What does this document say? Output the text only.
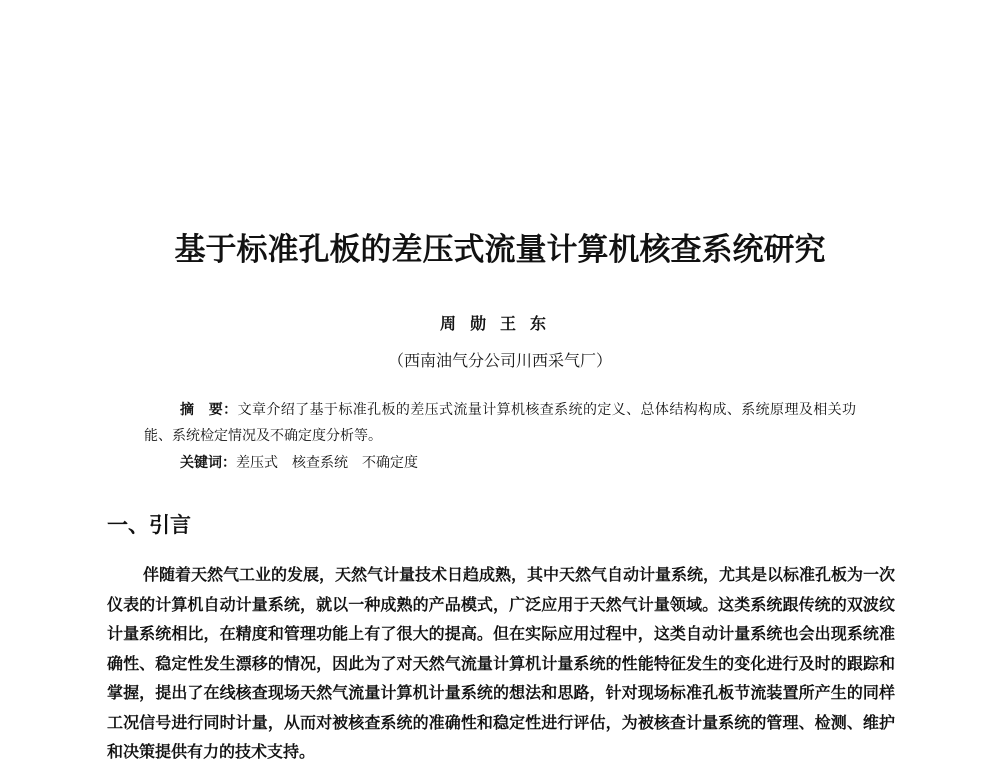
基于标准孔板的差压式流量计算机核查系统研究
周勋王东
（西南油气分公司川西采气厂）
摘　要：文章介绍了基于标准孔板的差压式流量计算机核查系统的定义、总体结构构成、系统原理及相关功能、系统检定情况及不确定度分析等。
关键词：差压式　核查系统　不确定度
一、引言
伴随着天然气工业的发展，天然气计量技术日趋成熟，其中天然气自动计量系统，尤其是以标准孔板为一次仪表的计算机自动计量系统，就以一种成熟的产品模式，广泛应用于天然气计量领域。这类系统跟传统的双波纹计量系统相比，在精度和管理功能上有了很大的提高。但在实际应用过程中，这类自动计量系统也会出现系统准确性、稳定性发生漂移的情况，因此为了对天然气流量计算机计量系统的性能特征发生的变化进行及时的跟踪和掌握，提出了在线核查现场天然气流量计算机计量系统的想法和思路，针对现场标准孔板节流装置所产生的同样工况信号进行同时计量，从而对被核查系统的准确性和稳定性进行评估，为被核查计量系统的管理、检测、维护和决策提供有力的技术支持。
